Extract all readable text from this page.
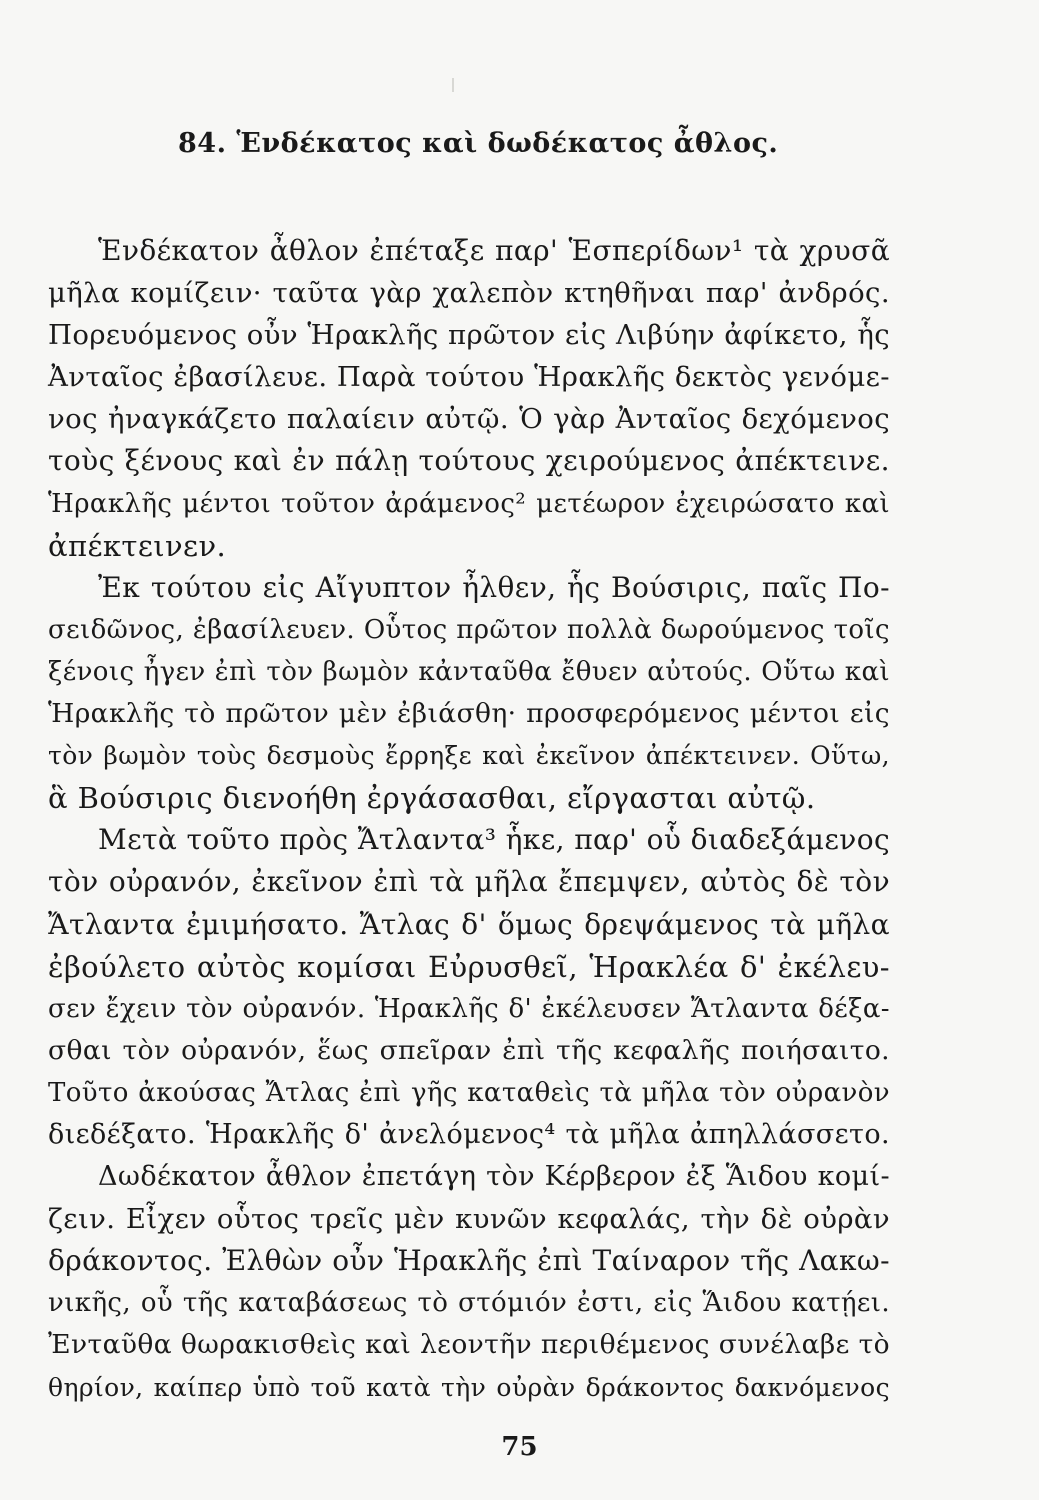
84. Ἑνδέκατος καὶ δωδέκατος ἆθλος.
Ἑνδέκατον ἆθλον ἐπέταξε παρ' Ἑσπερίδων¹ τὰ χρυσᾶ
μῆλα κομίζειν· ταῦτα γὰρ χαλεπὸν κτηθῆναι παρ' ἀνδρός.
Πορευόμενος οὖν Ἡρακλῆς πρῶτον εἰς Λιβύην ἀφίκετο, ἧς
Ἀνταῖος ἐβασίλευε. Παρὰ τούτου Ἡρακλῆς δεκτὸς γενόμε-
νος ἠναγκάζετο παλαίειν αὐτῷ. Ὁ γὰρ Ἀνταῖος δεχόμενος
τοὺς ξένους καὶ ἐν πάλῃ τούτους χειρούμενος ἀπέκτεινε.
Ἡρακλῆς μέντοι τοῦτον ἀράμενος² μετέωρον ἐχειρώσατο καὶ
ἀπέκτεινεν.
Ἐκ τούτου εἰς Αἴγυπτον ἦλθεν, ἧς Βούσιρις, παῖς Πο-
σειδῶνος, ἐβασίλευεν. Οὗτος πρῶτον πολλὰ δωρούμενος τοῖς
ξένοις ἦγεν ἐπὶ τὸν βωμὸν κἀνταῦθα ἔθυεν αὐτούς. Οὕτω καὶ
Ἡρακλῆς τὸ πρῶτον μὲν ἐβιάσθη· προσφερόμενος μέντοι εἰς
τὸν βωμὸν τοὺς δεσμοὺς ἔρρηξε καὶ ἐκεῖνον ἀπέκτεινεν. Οὕτω,
ἃ Βούσιρις διενοήθη ἐργάσασθαι, εἴργασται αὐτῷ.
Μετὰ τοῦτο πρὸς Ἄτλαντα³ ἧκε, παρ' οὗ διαδεξάμενος
τὸν οὐρανόν, ἐκεῖνον ἐπὶ τὰ μῆλα ἔπεμψεν, αὐτὸς δὲ τὸν
Ἄτλαντα ἐμιμήσατο. Ἄτλας δ' ὅμως δρεψάμενος τὰ μῆλα
ἐβούλετο αὐτὸς κομίσαι Εὐρυσθεῖ, Ἡρακλέα δ' ἐκέλευ-
σεν ἔχειν τὸν οὐρανόν. Ἡρακλῆς δ' ἐκέλευσεν Ἄτλαντα δέξα-
σθαι τὸν οὐρανόν, ἕως σπεῖραν ἐπὶ τῆς κεφαλῆς ποιήσαιτο.
Τοῦτο ἀκούσας Ἄτλας ἐπὶ γῆς καταθεὶς τὰ μῆλα τὸν οὐρανὸν
διεδέξατο. Ἡρακλῆς δ' ἀνελόμενος⁴ τὰ μῆλα ἀπηλλάσσετο.
Δωδέκατον ἆθλον ἐπετάγη τὸν Κέρβερον ἐξ Ἅιδου κομί-
ζειν. Εἶχεν οὗτος τρεῖς μὲν κυνῶν κεφαλάς, τὴν δὲ οὐρὰν
δράκοντος. Ἐλθὼν οὖν Ἡρακλῆς ἐπὶ Ταίναρον τῆς Λακω-
νικῆς, οὗ τῆς καταβάσεως τὸ στόμιόν ἐστι, εἰς Ἅιδου κατῄει.
Ἐνταῦθα θωρακισθεὶς καὶ λεοντῆν περιθέμενος συνέλαβε τὸ
θηρίον, καίπερ ὑπὸ τοῦ κατὰ τὴν οὐρὰν δράκοντος δακνόμενος
75
